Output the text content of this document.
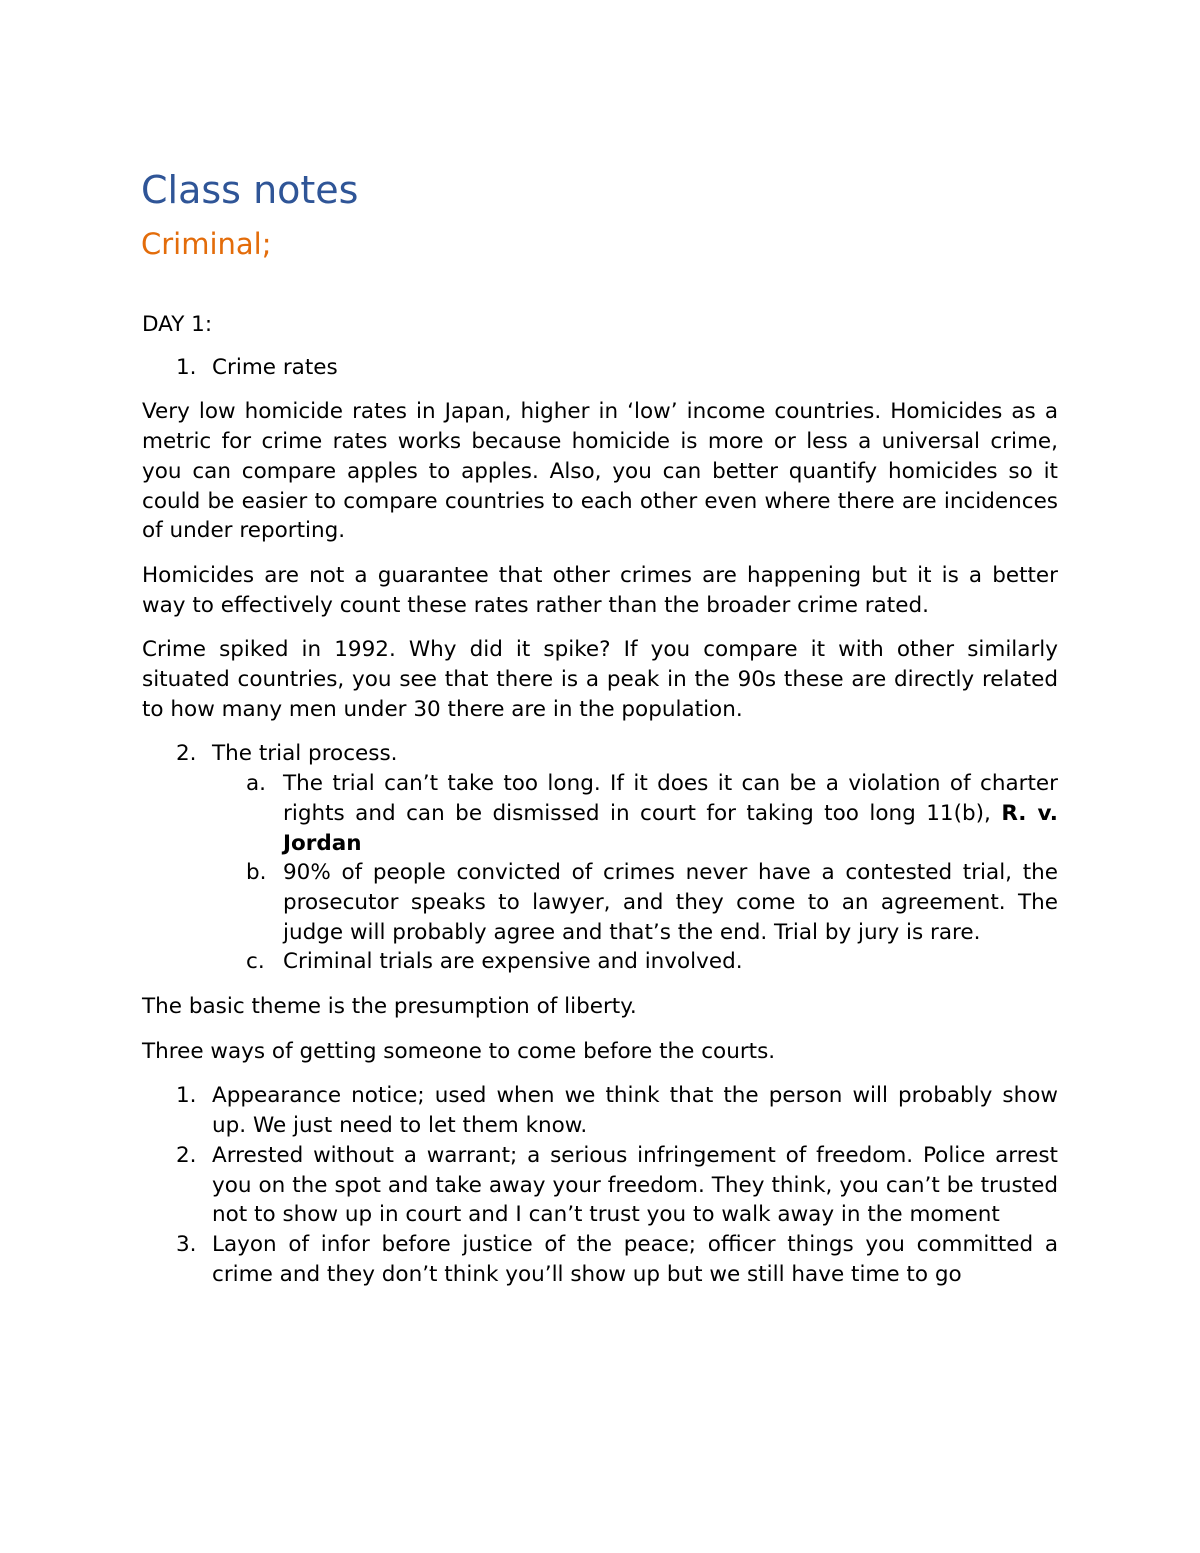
Class notes
Criminal;
DAY 1:
1. Crime rates

Very low homicide rates in Japan, higher in ‘low’ income countries. Homicides as a metric for crime rates works because homicide is more or less a universal crime, you can compare apples to apples. Also, you can better quantify homicides so it could be easier to compare countries to each other even where there are incidences of under reporting.

Homicides are not a guarantee that other crimes are happening but it is a better way to effectively count these rates rather than the broader crime rated.

Crime spiked in 1992. Why did it spike? If you compare it with other similarly situated countries, you see that there is a peak in the 90s these are directly related to how many men under 30 there are in the population.

2. The trial process.
a. The trial can’t take too long. If it does it can be a violation of charter rights and can be dismissed in court for taking too long 11(b), R. v. Jordan
b. 90% of people convicted of crimes never have a contested trial, the prosecutor speaks to lawyer, and they come to an agreement. The judge will probably agree and that’s the end. Trial by jury is rare.
c. Criminal trials are expensive and involved.

The basic theme is the presumption of liberty.

Three ways of getting someone to come before the courts.

1. Appearance notice; used when we think that the person will probably show up. We just need to let them know.
2. Arrested without a warrant; a serious infringement of freedom. Police arrest you on the spot and take away your freedom. They think, you can’t be trusted not to show up in court and I can’t trust you to walk away in the moment
3. Layon of infor before justice of the peace; officer things you committed a crime and they don’t think you’ll show up but we still have time to go
